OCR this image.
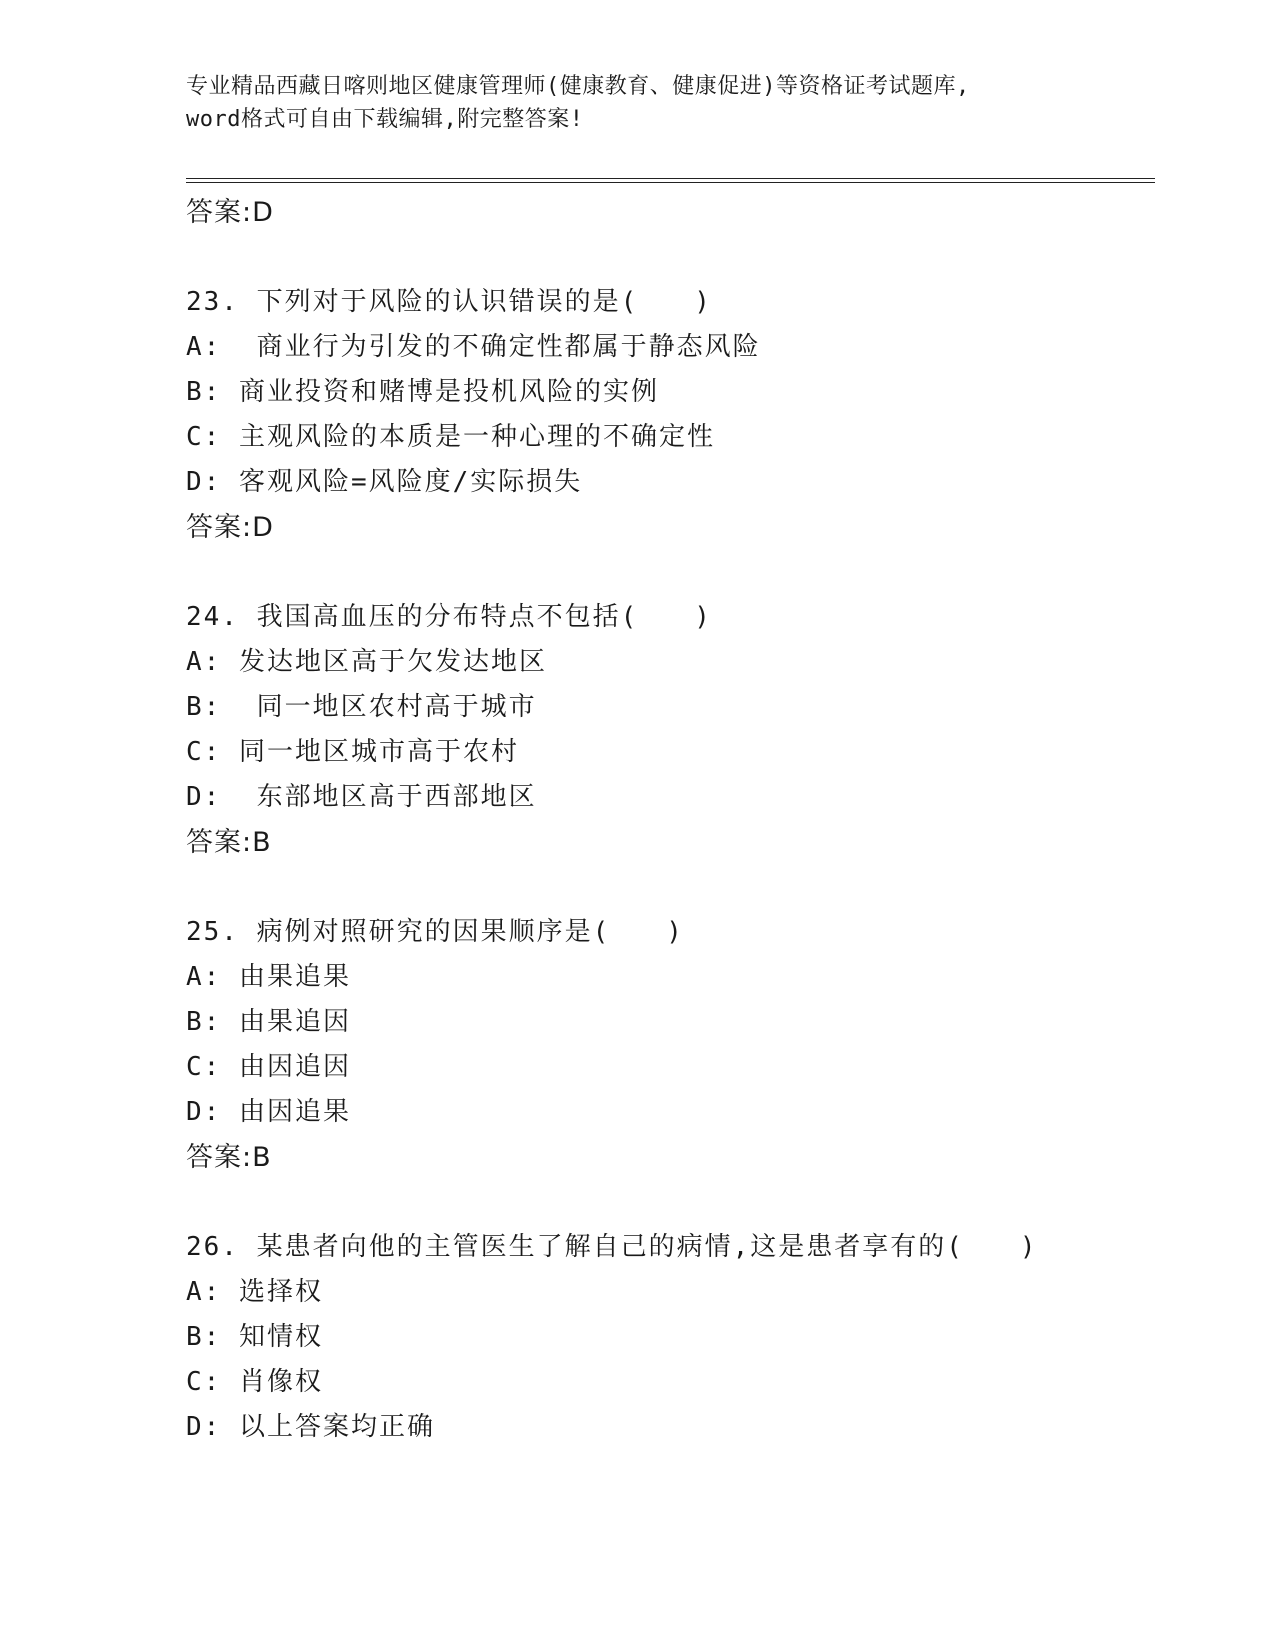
专业精品西藏日喀则地区健康管理师(健康教育、健康促进)等资格证考试题库,
word格式可自由下载编辑,附完整答案!
答案:D
23. 下列对于风险的认识错误的是(　　)
A:  商业行为引发的不确定性都属于静态风险
B: 商业投资和赌博是投机风险的实例
C: 主观风险的本质是一种心理的不确定性
D: 客观风险=风险度/实际损失
答案:D
24. 我国高血压的分布特点不包括(　　)
A: 发达地区高于欠发达地区
B:  同一地区农村高于城市
C: 同一地区城市高于农村
D:  东部地区高于西部地区
答案:B
25. 病例对照研究的因果顺序是(　　)
A: 由果追果
B: 由果追因
C: 由因追因
D: 由因追果
答案:B
26. 某患者向他的主管医生了解自己的病情,这是患者享有的(　　)
A: 选择权
B: 知情权
C: 肖像权
D: 以上答案均正确
